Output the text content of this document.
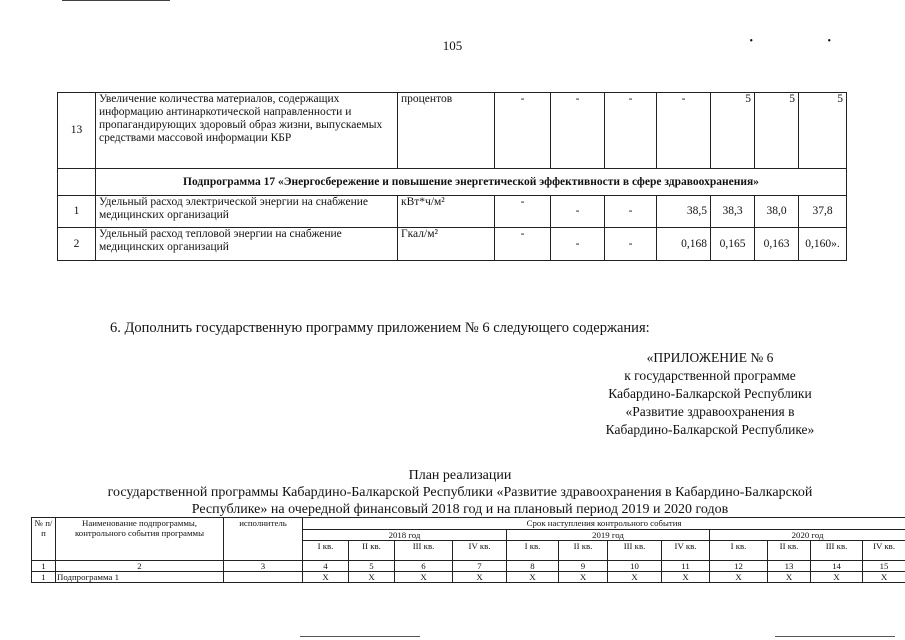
105	• •
13	Увеличение количества материалов, содержащих информацию антинаркотической направленности и пропагандирующих здоровый образ жизни, выпускаемых средствами массовой информации КБР	процентов	-	-	-	-	5	5	5
	Подпрограмма 17 «Энергосбережение и повышение энергетической эффективности в сфере здравоохранения»								
1	Удельный расход электрической энергии на снабжение медицинских организаций	кВт*ч/м²	-	-	-	38,5	38,3	38,0	37,8
2	Удельный расход тепловой энергии на снабжение медицинских организаций	Гкал/м²	-	-	-	0,168	0,165	0,163	0,160».
6. Дополнить государственную программу приложением № 6 следующего содержания:
«ПРИЛОЖЕНИЕ № 6
к государственной программе
Кабардино-Балкарской Республики
«Развитие здравоохранения в
Кабардино-Балкарской Республике»
План реализации
государственной программы Кабардино-Балкарской Республики «Развитие здравоохранения в Кабардино-Балкарской
Республике» на очередной финансовый 2018 год и на плановый период 2019 и 2020 годов
№ п/п	Наименование подпрограммы, контрольного события программы	исполнитель	Срок наступления контрольного события											
			2018 год				2019 год				2020 год			
			I кв.	II кв.	III кв.	IV кв.	I кв.	II кв.	III кв.	IV кв.	I кв.	II кв.	III кв.	IV кв.
1	2	3	4	5	6	7	8	9	10	11	12	13	14	15
1	Подпрограмма 1		X	X	X	X	X	X	X	X	X	X	X	X
